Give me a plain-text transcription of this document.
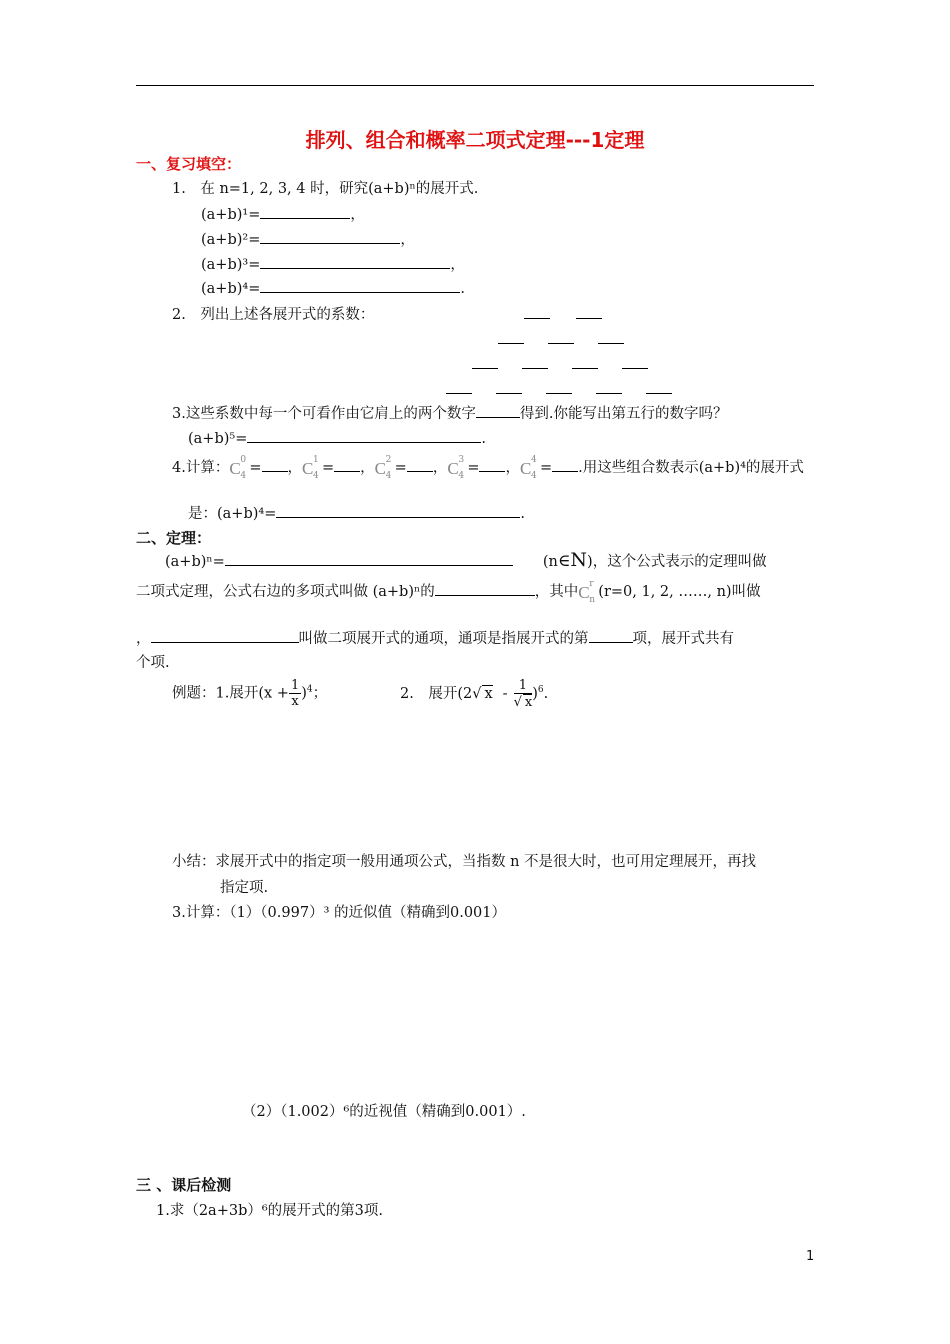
排列、组合和概率二项式定理---1定理
一、复习填空：
1.　在 n=1, 2, 3, 4 时，研究(a+b)ⁿ的展开式.
(a+b)¹=	，
(a+b)²=	，
(a+b)³=	，
(a+b)⁴=	.
2.　列出上述各展开式的系数：
3.这些系数中每一个可看作由它肩上的两个数字	得到.你能写出第五行的数字吗？
(a+b)⁵=	.
4.计算： C 0
4 = ， C 1
4 = ， C 2
4 = ， C 3
4 = ， C 4
4 = .用这些组合数表示(a+b)⁴的展开式
是：(a+b)⁴=	.
二、定理：
(a+b)ⁿ=	(n∈N)，这个公式表示的定理叫做
二项式定理，公式右边的多项式叫做 (a+b)ⁿ的	，其中 C r
n (r=0, 1, 2, ……, n)叫做
，	叫做二项展开式的通项，通项是指展开式的第	项，展开式共有
个项.
例题：1.展开$(x + \frac{1}{x} )^4$；	2.　展开(2√ x - $\frac{1}{√ x} )^6$.
小结：求展开式中的指定项一般用通项公式，当指数 n 不是很大时，也可用定理展开，再找
指定项.
3.计算：（1）（0.997）³ 的近似值（精确到0.001）
（2）（1.002）⁶的近视值（精确到0.001）.
三 、课后检测
1.求（2a+3b）⁶的展开式的第3项.
1
